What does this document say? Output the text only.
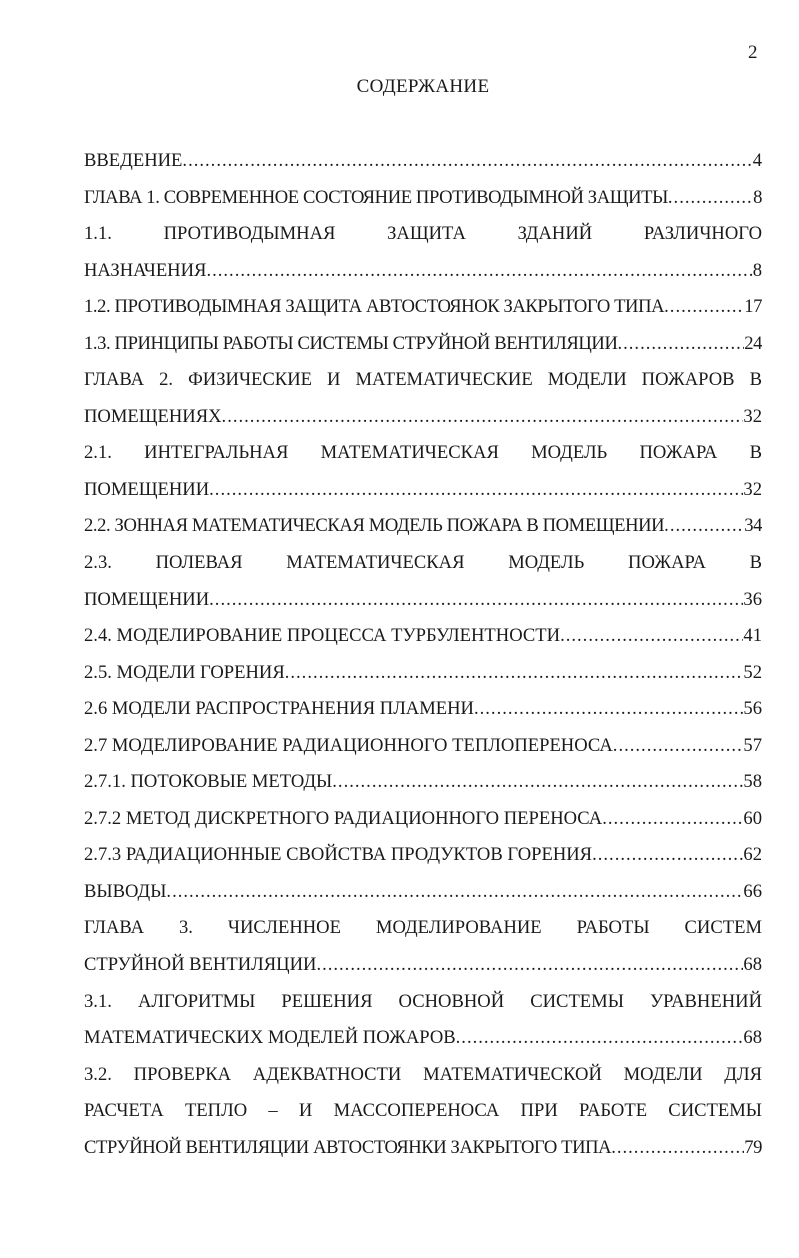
2
СОДЕРЖАНИЕ
ВВЕДЕНИЕ .....	4
ГЛАВА 1. СОВРЕМЕННОЕ СОСТОЯНИЕ ПРОТИВОДЫМНОЙ ЗАЩИТЫ .....	8
1.1. ПРОТИВОДЫМНАЯ ЗАЩИТА ЗДАНИЙ РАЗЛИЧНОГО
НАЗНАЧЕНИЯ .....	8
1.2. ПРОТИВОДЫМНАЯ ЗАЩИТА АВТОСТОЯНОК ЗАКРЫТОГО ТИПА .....	17
1.3. ПРИНЦИПЫ РАБОТЫ СИСТЕМЫ СТРУЙНОЙ ВЕНТИЛЯЦИИ .....	24
ГЛАВА 2. ФИЗИЧЕСКИЕ И МАТЕМАТИЧЕСКИЕ МОДЕЛИ ПОЖАРОВ В
ПОМЕЩЕНИЯХ .....	32
2.1. ИНТЕГРАЛЬНАЯ МАТЕМАТИЧЕСКАЯ МОДЕЛЬ ПОЖАРА В
ПОМЕЩЕНИИ .....	32
2.2. ЗОННАЯ МАТЕМАТИЧЕСКАЯ МОДЕЛЬ ПОЖАРА В ПОМЕЩЕНИИ .....	34
2.3. ПОЛЕВАЯ МАТЕМАТИЧЕСКАЯ МОДЕЛЬ ПОЖАРА В
ПОМЕЩЕНИИ .....	36
2.4. МОДЕЛИРОВАНИЕ ПРОЦЕССА ТУРБУЛЕНТНОСТИ .....	41
2.5. МОДЕЛИ ГОРЕНИЯ .....	52
2.6 МОДЕЛИ РАСПРОСТРАНЕНИЯ ПЛАМЕНИ .....	56
2.7 МОДЕЛИРОВАНИЕ РАДИАЦИОННОГО ТЕПЛОПЕРЕНОСА .....	57
2.7.1. ПОТОКОВЫЕ МЕТОДЫ .....	58
2.7.2 МЕТОД ДИСКРЕТНОГО РАДИАЦИОННОГО ПЕРЕНОСА .....	60
2.7.3 РАДИАЦИОННЫЕ СВОЙСТВА ПРОДУКТОВ ГОРЕНИЯ .....	62
ВЫВОДЫ .....	66
ГЛАВА 3. ЧИСЛЕННОЕ МОДЕЛИРОВАНИЕ РАБОТЫ СИСТЕМ
СТРУЙНОЙ ВЕНТИЛЯЦИИ .....	68
3.1. АЛГОРИТМЫ РЕШЕНИЯ ОСНОВНОЙ СИСТЕМЫ УРАВНЕНИЙ
МАТЕМАТИЧЕСКИХ МОДЕЛЕЙ ПОЖАРОВ .....	68
3.2. ПРОВЕРКА АДЕКВАТНОСТИ МАТЕМАТИЧЕСКОЙ МОДЕЛИ ДЛЯ
РАСЧЕТА ТЕПЛО – И МАССОПЕРЕНОСА ПРИ РАБОТЕ СИСТЕМЫ
СТРУЙНОЙ ВЕНТИЛЯЦИИ АВТОСТОЯНКИ ЗАКРЫТОГО ТИПА .....	79
